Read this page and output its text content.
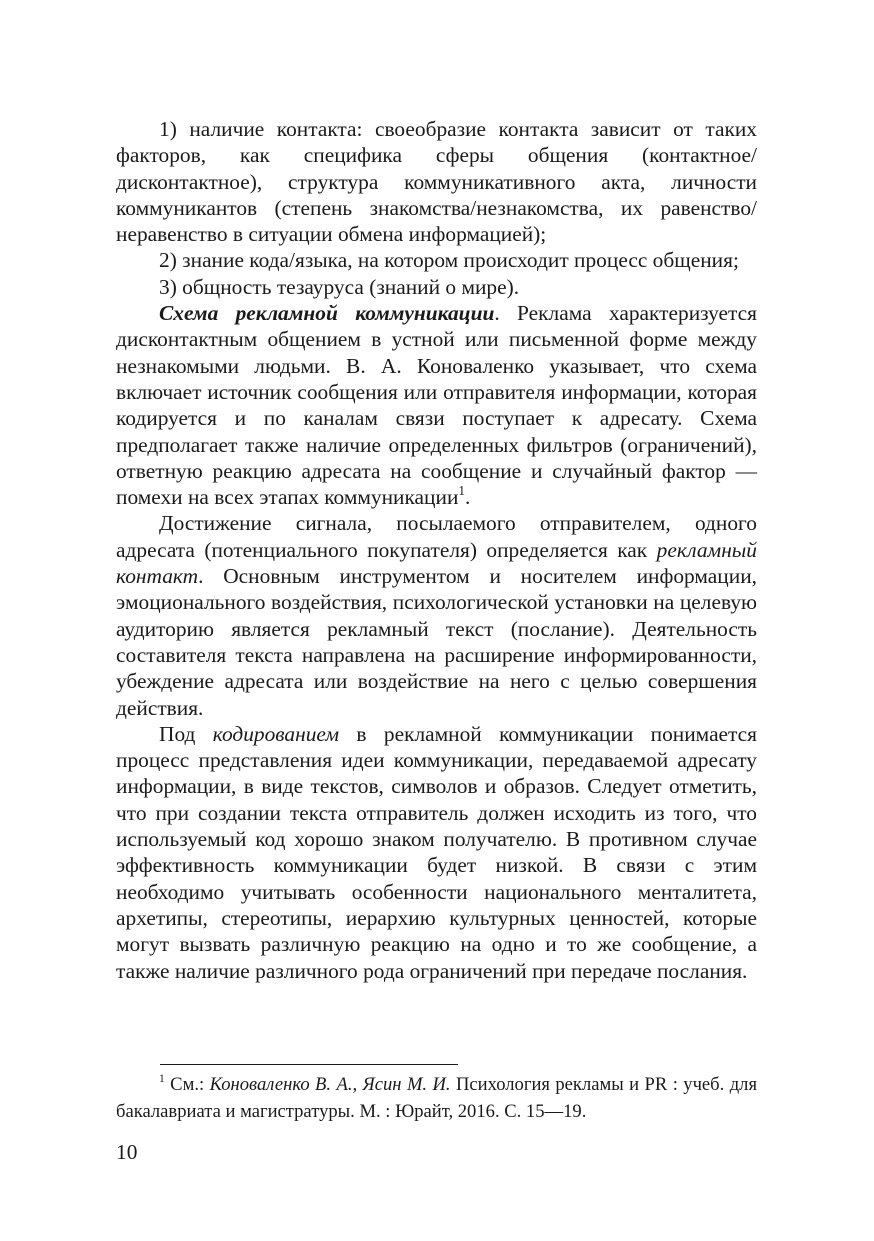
1) наличие контакта: своеобразие контакта зависит от таких факторов, как специфика сферы общения (контактное/дисконтактное), структура коммуникативного акта, личности коммуникантов (степень знакомства/незнакомства, их равенство/неравенство в ситуации обмена информацией);

2) знание кода/языка, на котором происходит процесс общения;

3) общность тезауруса (знаний о мире).

Схема рекламной коммуникации. Реклама характеризуется дисконтактным общением в устной или письменной форме между незнакомыми людьми. В. А. Коноваленко указывает, что схема включает источник сообщения или отправителя информации, которая кодируется и по каналам связи поступает к адресату. Схема предполагает также наличие определенных фильтров (ограничений), ответную реакцию адресата на сообщение и случайный фактор — помехи на всех этапах коммуникации$^1$.

Достижение сигнала, посылаемого отправителем, одного адресата (потенциального покупателя) определяется как рекламный контакт. Основным инструментом и носителем информации, эмоционального воздействия, психологической установки на целевую аудиторию является рекламный текст (послание). Деятельность составителя текста направлена на расширение информированности, убеждение адресата или воздействие на него с целью совершения действия.

Под кодированием в рекламной коммуникации понимается процесс представления идеи коммуникации, передаваемой адресату информации, в виде текстов, символов и образов. Следует отметить, что при создании текста отправитель должен исходить из того, что используемый код хорошо знаком получателю. В противном случае эффективность коммуникации будет низкой. В связи с этим необходимо учитывать особенности национального менталитета, архетипы, стереотипы, иерархию культурных ценностей, которые могут вызвать различную реакцию на одно и то же сообщение, а также наличие различного рода ограничений при передаче послания.

$^1$ См.: Коноваленко В. А., Ясин М. И. Психология рекламы и PR : учеб. для бакалавриата и магистратуры. М. : Юрайт, 2016. С. 15—19.

10
